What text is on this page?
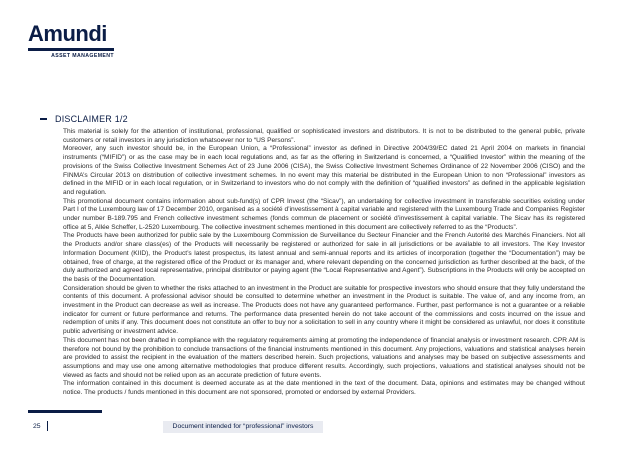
Amundi
ASSET MANAGEMENT
DISCLAIMER 1/2

This material is solely for the attention of institutional, professional, qualified or sophisticated investors and distributors. It is not to be distributed to the general public, private customers or retail investors in any jurisdiction whatsoever nor to “US Persons”.

Moreover, any such investor should be, in the European Union, a “Professional” investor as defined in Directive 2004/39/EC dated 21 April 2004 on markets in financial instruments (“MIFID”) or as the case may be in each local regulations and, as far as the offering in Switzerland is concerned, a “Qualified Investor” within the meaning of the provisions of the Swiss Collective Investment Schemes Act of 23 June 2006 (CISA), the Swiss Collective Investment Schemes Ordinance of 22 November 2006 (CISO) and the FINMA’s Circular 2013 on distribution of collective investment schemes. In no event may this material be distributed in the European Union to non “Professional” investors as defined in the MIFID or in each local regulation, or in Switzerland to investors who do not comply with the definition of “qualified investors” as defined in the applicable legislation and regulation.

This promotional document contains information about sub-fund(s) of CPR Invest (the “Sicav”), an undertaking for collective investment in transferable securities existing under Part I of the Luxembourg law of 17 December 2010, organised as a société d’investissement à capital variable and registered with the Luxembourg Trade and Companies Register under number B-189.795 and French collective investment schemes (fonds commun de placement or société d’investissement à capital variable. The Sicav has its registered office at 5, Allée Scheffer, L-2520 Luxembourg. The collective investment schemes mentioned in this document are collectively referred to as the “Products”.

The Products have been authorized for public sale by the Luxembourg Commission de Surveillance du Secteur Financier and the French Autorité des Marchés Financiers. Not all the Products and/or share class(es) of the Products will necessarily be registered or authorized for sale in all jurisdictions or be available to all investors. The Key Investor Information Document (KIID), the Product’s latest prospectus, its latest annual and semi-annual reports and its articles of incorporation (together the “Documentation”) may be obtained, free of charge, at the registered office of the Product or its manager and, where relevant depending on the concerned jurisdiction as further described at the back, of the duly authorized and agreed local representative, principal distributor or paying agent (the “Local Representative and Agent”). Subscriptions in the Products will only be accepted on the basis of the Documentation.

Consideration should be given to whether the risks attached to an investment in the Product are suitable for prospective investors who should ensure that they fully understand the contents of this document. A professional advisor should be consulted to determine whether an investment in the Product is suitable. The value of, and any income from, an investment in the Product can decrease as well as increase. The Products does not have any guaranteed performance. Further, past performance is not a guarantee or a reliable indicator for current or future performance and returns. The performance data presented herein do not take account of the commissions and costs incurred on the issue and redemption of units if any. This document does not constitute an offer to buy nor a solicitation to sell in any country where it might be considered as unlawful, nor does it constitute public advertising or investment advice.

This document has not been drafted in compliance with the regulatory requirements aiming at promoting the independence of financial analysis or investment research. CPR AM is therefore not bound by the prohibition to conclude transactions of the financial instruments mentioned in this document. Any projections, valuations and statistical analyses herein are provided to assist the recipient in the evaluation of the matters described herein. Such projections, valuations and analyses may be based on subjective assessments and assumptions and may use one among alternative methodologies that produce different results. Accordingly, such projections, valuations and statistical analyses should not be viewed as facts and should not be relied upon as an accurate prediction of future events.

The information contained in this document is deemed accurate as at the date mentioned in the text of the document. Data, opinions and estimates may be changed without notice. The products / funds mentioned in this document are not sponsored, promoted or endorsed by external Providers.

25	Document intended for “professional” investors
